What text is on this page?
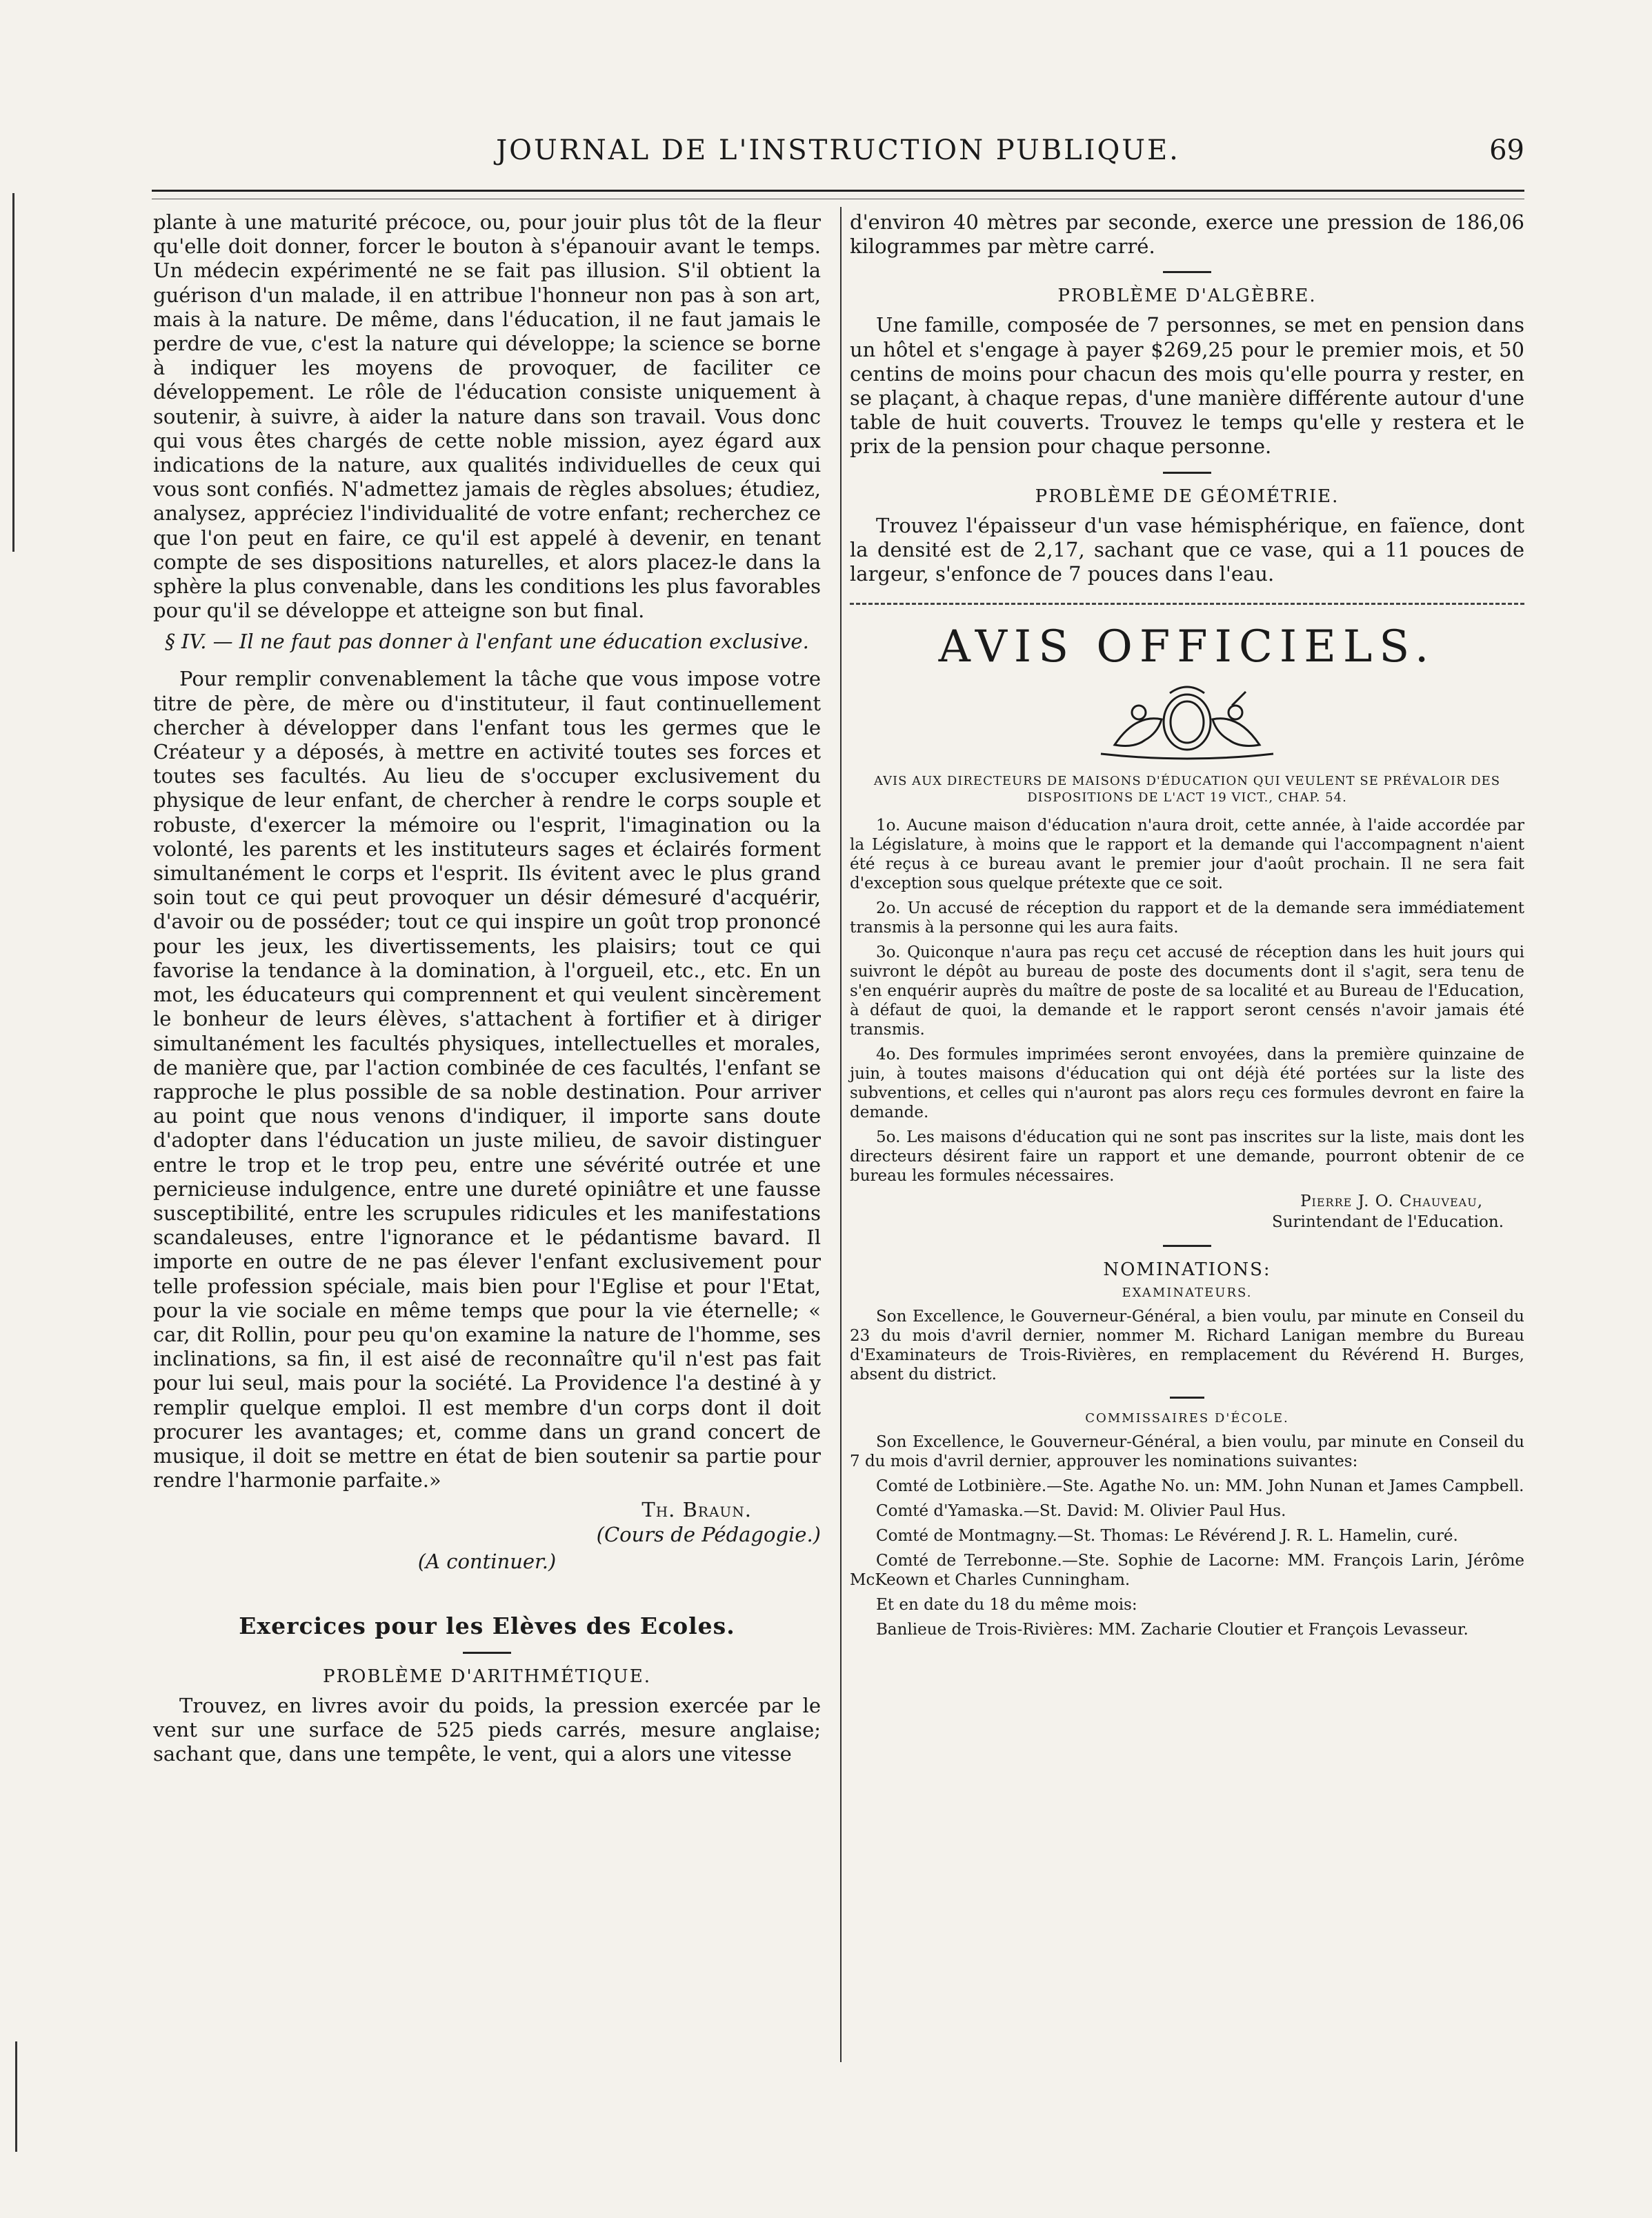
JOURNAL DE L'INSTRUCTION PUBLIQUE.	69

plante à une maturité précoce, ou, pour jouir plus tôt de la fleur qu'elle doit donner, forcer le bouton à s'épanouir avant le temps. Un médecin expérimenté ne se fait pas illusion. S'il obtient la guérison d'un malade, il en attribue l'honneur non pas à son art, mais à la nature. De même, dans l'éducation, il ne faut jamais le perdre de vue, c'est la nature qui développe; la science se borne à indiquer les moyens de provoquer, de faciliter ce développement. Le rôle de l'éducation consiste uniquement à soutenir, à suivre, à aider la nature dans son travail. Vous donc qui vous êtes chargés de cette noble mission, ayez égard aux indications de la nature, aux qualités individuelles de ceux qui vous sont confiés. N'admettez jamais de règles absolues; étudiez, analysez, appréciez l'individualité de votre enfant; recherchez ce que l'on peut en faire, ce qu'il est appelé à devenir, en tenant compte de ses dispositions naturelles, et alors placez-le dans la sphère la plus convenable, dans les conditions les plus favorables pour qu'il se développe et atteigne son but final.

§ IV. — Il ne faut pas donner à l'enfant une éducation exclusive.

Pour remplir convenablement la tâche que vous impose votre titre de père, de mère ou d'instituteur, il faut continuellement chercher à développer dans l'enfant tous les germes que le Créateur y a déposés, à mettre en activité toutes ses forces et toutes ses facultés. Au lieu de s'occuper exclusivement du physique de leur enfant, de chercher à rendre le corps souple et robuste, d'exercer la mémoire ou l'esprit, l'imagination ou la volonté, les parents et les instituteurs sages et éclairés forment simultanément le corps et l'esprit. Ils évitent avec le plus grand soin tout ce qui peut provoquer un désir démesuré d'acquérir, d'avoir ou de posséder; tout ce qui inspire un goût trop prononcé pour les jeux, les divertissements, les plaisirs; tout ce qui favorise la tendance à la domination, à l'orgueil, etc., etc. En un mot, les éducateurs qui comprennent et qui veulent sincèrement le bonheur de leurs élèves, s'attachent à fortifier et à diriger simultanément les facultés physiques, intellectuelles et morales, de manière que, par l'action combinée de ces facultés, l'enfant se rapproche le plus possible de sa noble destination. Pour arriver au point que nous venons d'indiquer, il importe sans doute d'adopter dans l'éducation un juste milieu, de savoir distinguer entre le trop et le trop peu, entre une sévérité outrée et une pernicieuse indulgence, entre une dureté opiniâtre et une fausse susceptibilité, entre les scrupules ridicules et les manifestations scandaleuses, entre l'ignorance et le pédantisme bavard. Il importe en outre de ne pas élever l'enfant exclusivement pour telle profession spéciale, mais bien pour l'Eglise et pour l'Etat, pour la vie sociale en même temps que pour la vie éternelle; « car, dit Rollin, pour peu qu'on examine la nature de l'homme, ses inclinations, sa fin, il est aisé de reconnaître qu'il n'est pas fait pour lui seul, mais pour la société. La Providence l'a destiné à y remplir quelque emploi. Il est membre d'un corps dont il doit procurer les avantages; et, comme dans un grand concert de musique, il doit se mettre en état de bien soutenir sa partie pour rendre l'harmonie parfaite.»

Th. Braun.

(Cours de Pédagogie.)

(A continuer.)

Exercices pour les Elèves des Ecoles.
PROBLÈME D'ARITHMÉTIQUE.

Trouvez, en livres avoir du poids, la pression exercée par le vent sur une surface de 525 pieds carrés, mesure anglaise; sachant que, dans une tempête, le vent, qui a alors une vitesse

d'environ 40 mètres par seconde, exerce une pression de 186,06 kilogrammes par mètre carré.

PROBLÈME D'ALGÈBRE.

Une famille, composée de 7 personnes, se met en pension dans un hôtel et s'engage à payer $269,25 pour le premier mois, et 50 centins de moins pour chacun des mois qu'elle pourra y rester, en se plaçant, à chaque repas, d'une manière différente autour d'une table de huit couverts. Trouvez le temps qu'elle y restera et le prix de la pension pour chaque personne.

PROBLÈME DE GÉOMÉTRIE.

Trouvez l'épaisseur d'un vase hémisphérique, en faïence, dont la densité est de 2,17, sachant que ce vase, qui a 11 pouces de largeur, s'enfonce de 7 pouces dans l'eau.

AVIS OFFICIELS.
AVIS AUX DIRECTEURS DE MAISONS D'ÉDUCATION QUI VEULENT SE PRÉVALOIR DES DISPOSITIONS DE L'ACT 19 VICT., CHAP. 54.

1o. Aucune maison d'éducation n'aura droit, cette année, à l'aide accordée par la Législature, à moins que le rapport et la demande qui l'accompagnent n'aient été reçus à ce bureau avant le premier jour d'août prochain. Il ne sera fait d'exception sous quelque prétexte que ce soit.

2o. Un accusé de réception du rapport et de la demande sera immédiatement transmis à la personne qui les aura faits.

3o. Quiconque n'aura pas reçu cet accusé de réception dans les huit jours qui suivront le dépôt au bureau de poste des documents dont il s'agit, sera tenu de s'en enquérir auprès du maître de poste de sa localité et au Bureau de l'Education, à défaut de quoi, la demande et le rapport seront censés n'avoir jamais été transmis.

4o. Des formules imprimées seront envoyées, dans la première quinzaine de juin, à toutes maisons d'éducation qui ont déjà été portées sur la liste des subventions, et celles qui n'auront pas alors reçu ces formules devront en faire la demande.

5o. Les maisons d'éducation qui ne sont pas inscrites sur la liste, mais dont les directeurs désirent faire un rapport et une demande, pourront obtenir de ce bureau les formules nécessaires.

Pierre J. O. Chauveau,
Surintendant de l'Education.
NOMINATIONS:
EXAMINATEURS.

Son Excellence, le Gouverneur-Général, a bien voulu, par minute en Conseil du 23 du mois d'avril dernier, nommer M. Richard Lanigan membre du Bureau d'Examinateurs de Trois-Rivières, en remplacement du Révérend H. Burges, absent du district.

COMMISSAIRES D'ÉCOLE.

Son Excellence, le Gouverneur-Général, a bien voulu, par minute en Conseil du 7 du mois d'avril dernier, approuver les nominations suivantes:

Comté de Lotbinière.—Ste. Agathe No. un: MM. John Nunan et James Campbell.

Comté d'Yamaska.—St. David: M. Olivier Paul Hus.

Comté de Montmagny.—St. Thomas: Le Révérend J. R. L. Hamelin, curé.

Comté de Terrebonne.—Ste. Sophie de Lacorne: MM. François Larin, Jérôme McKeown et Charles Cunningham.

Et en date du 18 du même mois:

Banlieue de Trois-Rivières: MM. Zacharie Cloutier et François Levasseur.
